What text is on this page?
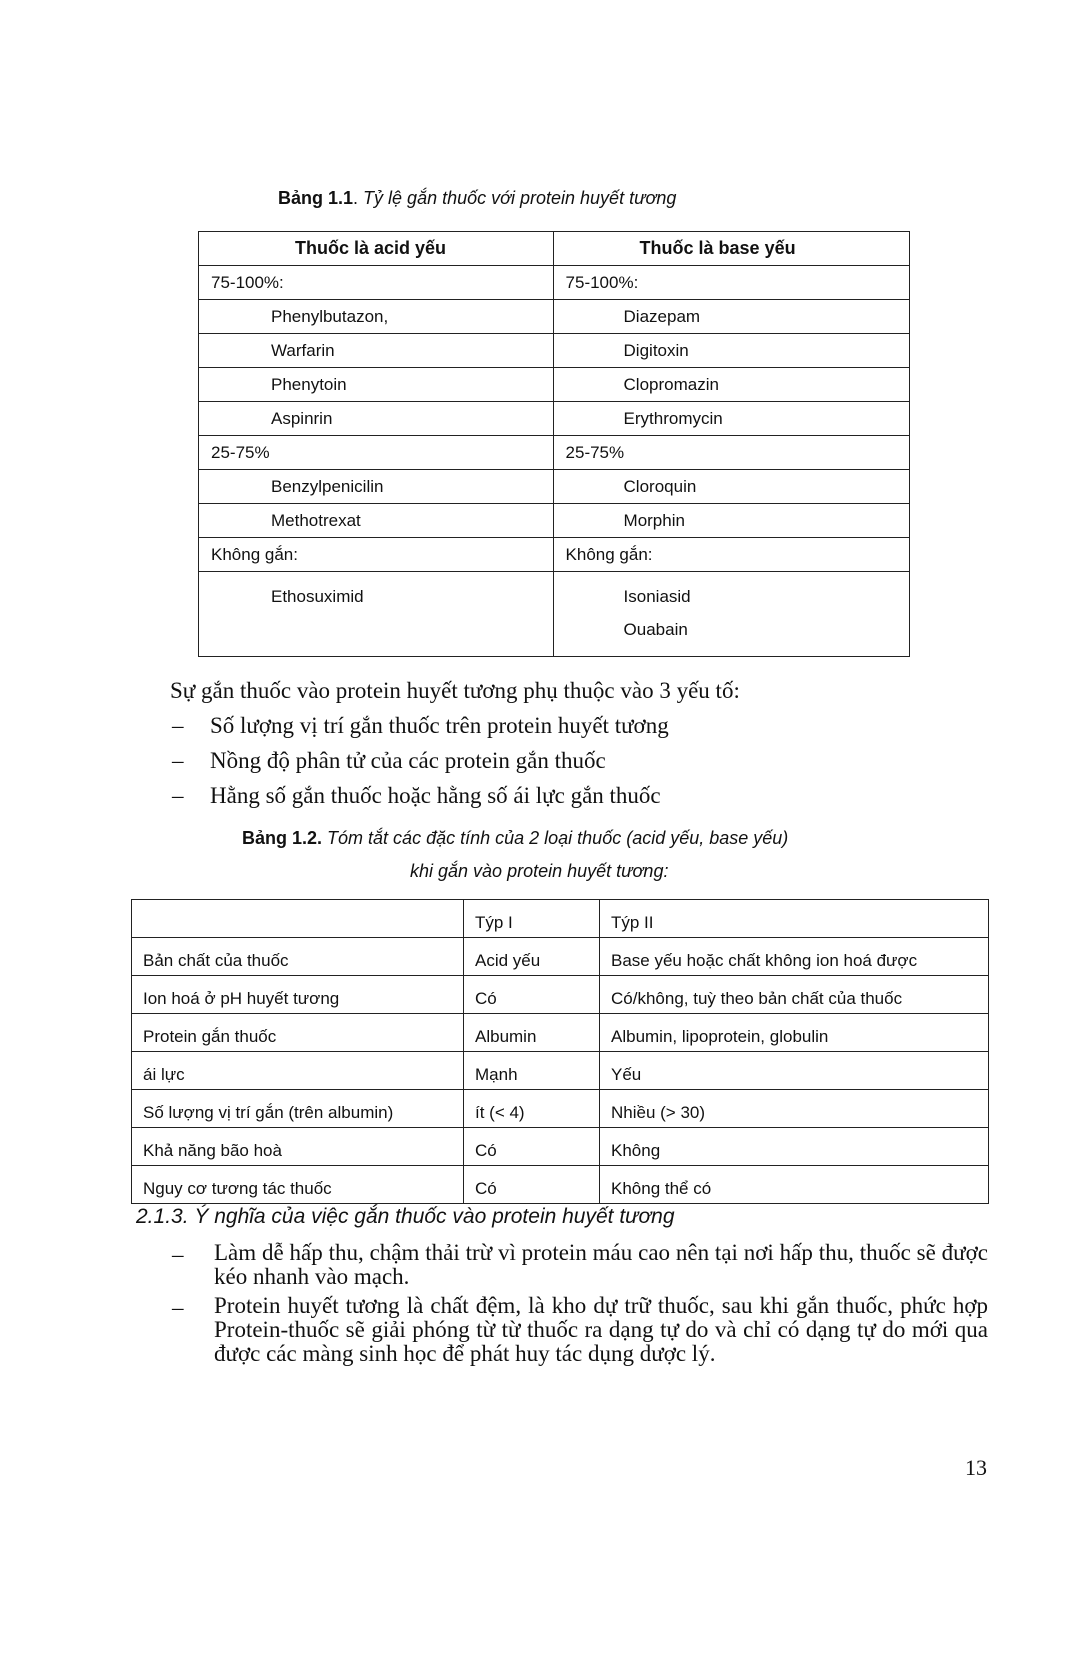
Bảng 1.1. Tỷ lệ gắn thuốc với protein huyết tương
Thuốc là acid yếu	Thuốc là base yếu
75-100%:	75-100%:
Phenylbutazon,	Diazepam
Warfarin	Digitoxin
Phenytoin	Clopromazin
Aspinrin	Erythromycin
25-75%	25-75%
Benzylpenicilin	Cloroquin
Methotrexat	Morphin
Không gắn:	Không gắn:

Ethosuximid	Isoniasid
Ouabain
Sự gắn thuốc vào protein huyết tương phụ thuộc vào 3 yếu tố:
– Số lượng vị trí gắn thuốc trên protein huyết tương
– Nồng độ phân tử của các protein gắn thuốc
– Hằng số gắn thuốc hoặc hằng số ái lực gắn thuốc
Bảng 1.2. Tóm tắt các đặc tính của 2 loại thuốc (acid yếu, base yếu)
khi gắn vào protein huyết tương:
	Týp I	Týp II
Bản chất của thuốc	Acid yếu	Base yếu hoặc chất không ion hoá được
Ion hoá ở pH huyết tương	Có	Có/không, tuỳ theo bản chất của thuốc
Protein gắn thuốc	Albumin	Albumin, lipoprotein, globulin
ái lực	Mạnh	Yếu
Số lượng vị trí gắn (trên albumin)	ít (< 4)	Nhiều (> 30)
Khả năng bão hoà	Có	Không
Nguy cơ tương tác thuốc	Có	Không thể có
2.1.3. Ý nghĩa của việc gắn thuốc vào protein huyết tương
– Làm dễ hấp thu, chậm thải trừ vì protein máu cao nên tại nơi hấp thu, thuốc sẽ được kéo nhanh vào mạch.
– Protein huyết tương là chất đệm, là kho dự trữ thuốc, sau khi gắn thuốc, phức hợp Protein-thuốc sẽ giải phóng từ từ thuốc ra dạng tự do và chỉ có dạng tự do mới qua được các màng sinh học để phát huy tác dụng dược lý.
13
